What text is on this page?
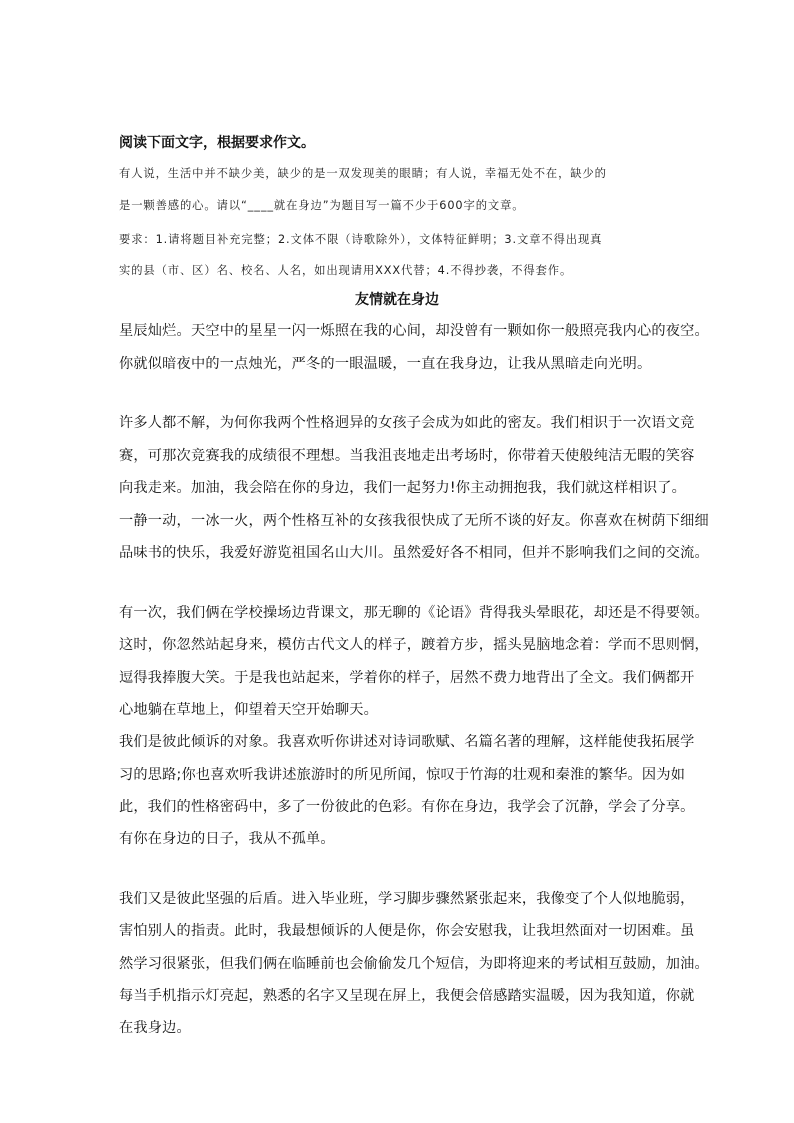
阅读下面文字，根据要求作文。
有人说，生活中并不缺少美，缺少的是一双发现美的眼睛；有人说，幸福无处不在，缺少的
是一颗善感的心。请以“____就在身边”为题目写一篇不少于600字的文章。
要求：1.请将题目补充完整；2.文体不限（诗歌除外），文体特征鲜明；3.文章不得出现真
实的县（市、区）名、校名、人名，如出现请用XXX代替；4.不得抄袭，不得套作。
友情就在身边
星辰灿烂。天空中的星星一闪一烁照在我的心间，却没曾有一颗如你一般照亮我内心的夜空。
你就似暗夜中的一点烛光，严冬的一眼温暖，一直在我身边，让我从黑暗走向光明。
许多人都不解，为何你我两个性格迥异的女孩子会成为如此的密友。我们相识于一次语文竞
赛，可那次竞赛我的成绩很不理想。当我沮丧地走出考场时，你带着天使般纯洁无暇的笑容
向我走来。加油，我会陪在你的身边，我们一起努力!你主动拥抱我，我们就这样相识了。
一静一动，一冰一火，两个性格互补的女孩我很快成了无所不谈的好友。你喜欢在树荫下细细
品味书的快乐，我爱好游览祖国名山大川。虽然爱好各不相同，但并不影响我们之间的交流。
有一次，我们俩在学校操场边背课文，那无聊的《论语》背得我头晕眼花，却还是不得要领。
这时，你忽然站起身来，模仿古代文人的样子，踱着方步，摇头晃脑地念着：学而不思则惘，
逗得我捧腹大笑。于是我也站起来，学着你的样子，居然不费力地背出了全文。我们俩都开
心地躺在草地上，仰望着天空开始聊天。
我们是彼此倾诉的对象。我喜欢听你讲述对诗词歌赋、名篇名著的理解，这样能使我拓展学
习的思路;你也喜欢听我讲述旅游时的所见所闻，惊叹于竹海的壮观和秦淮的繁华。因为如
此，我们的性格密码中，多了一份彼此的色彩。有你在身边，我学会了沉静，学会了分享。
有你在身边的日子，我从不孤单。
我们又是彼此坚强的后盾。进入毕业班，学习脚步骤然紧张起来，我像变了个人似地脆弱，
害怕别人的指责。此时，我最想倾诉的人便是你，你会安慰我，让我坦然面对一切困难。虽
然学习很紧张，但我们俩在临睡前也会偷偷发几个短信，为即将迎来的考试相互鼓励，加油。
每当手机指示灯亮起，熟悉的名字又呈现在屏上，我便会倍感踏实温暖，因为我知道，你就
在我身边。
